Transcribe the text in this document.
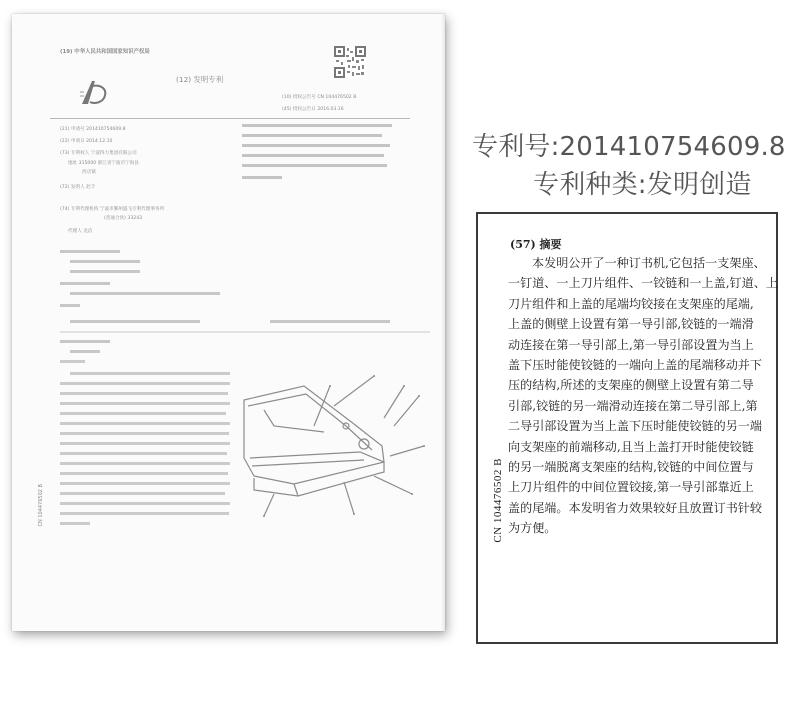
(19) 中华人民共和国国家知识产权局
(12) 发明专利
(10) 授权公告号 CN 104476502 B
(45) 授权公告日 2016.03.16
(21) 申请号 201410754609.8
(22) 申请日 2014.12.10
(73) 专利权人 宁波得力集团有限公司
地址 315000 浙江省宁波市宁海县
西店镇
(72) 发明人 赵丰
(74) 专利代理机构 宁波市鄞州盛飞专利代理事务所
(普通合伙) 33243
代理人 龙洁
CN 104476502 B
专利号:201410754609.8
专利种类:发明创造
(57) 摘要
本发明公开了一种订书机,它包括一支架座、
一钉道、一上刀片组件、一铰链和一上盖,钉道、上
刀片组件和上盖的尾端均铰接在支架座的尾端,
上盖的侧壁上设置有第一导引部,铰链的一端滑
动连接在第一导引部上,第一导引部设置为当上
盖下压时能使铰链的一端向上盖的尾端移动并下
压的结构,所述的支架座的侧壁上设置有第二导
引部,铰链的另一端滑动连接在第二导引部上,第
二导引部设置为当上盖下压时能使铰链的另一端
向支架座的前端移动,且当上盖打开时能使铰链
的另一端脱离支架座的结构,铰链的中间位置与
上刀片组件的中间位置铰接,第一导引部靠近上
盖的尾端。本发明省力效果较好且放置订书针较
为方便。
CN 104476502 B
